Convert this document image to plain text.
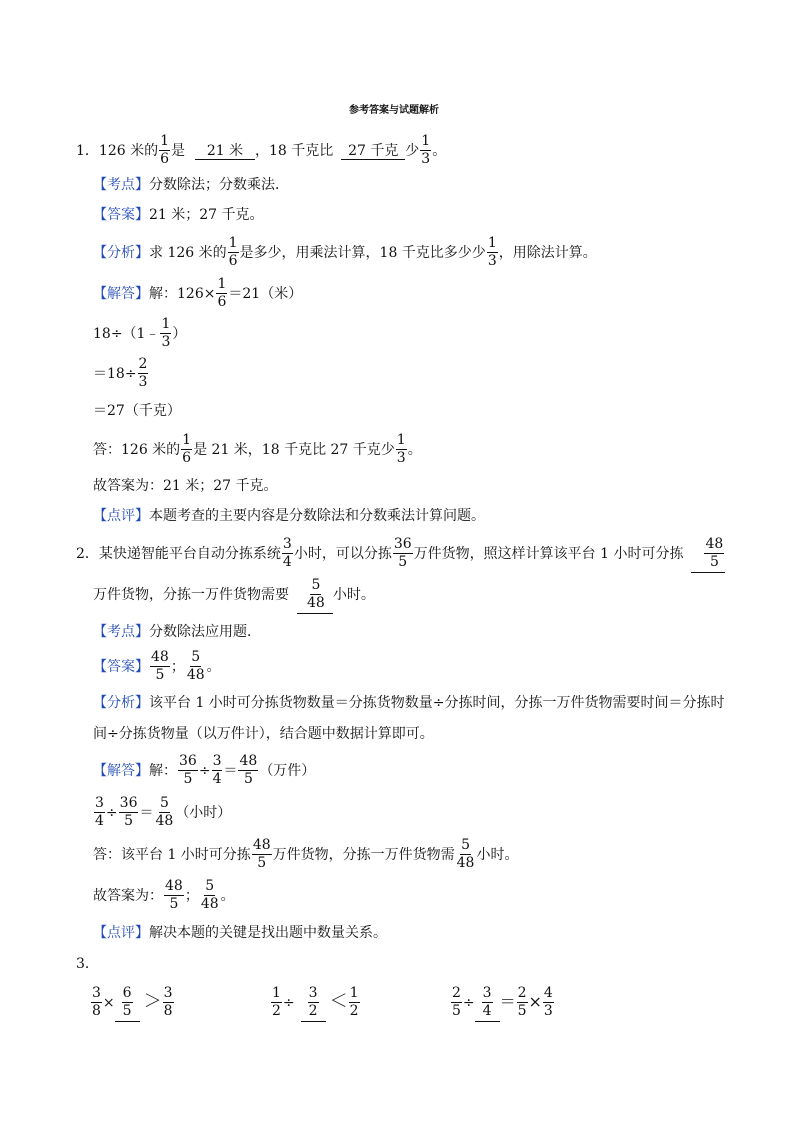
参考答案与试题解析
1．126 米的 $\frac{1}{6}$ 是 21 米 ，18 千克比 27 千克 少 $\frac{1}{3}$ 。
【考点】分数除法；分数乘法．
【答案】21 米；27 千克。
【分析】求 126 米的 $\frac{1}{6}$ 是多少，用乘法计算，18 千克比多少少 $\frac{1}{3}$ ，用除法计算。
【解答】解：$126\times \frac{1}{6} =21$（米）
18÷（1﹣ $\frac{1}{3}$ ）
$=18\div \frac{2}{3}$
＝27（千克）
答：126 米的 $\frac{1}{6}$ 是 21 米，18 千克比 27 千克少 $\frac{1}{3}$ 。
故答案为：21 米；27 千克。
【点评】本题考查的主要内容是分数除法和分数乘法计算问题。
2．某快递智能平台自动分拣系统 $\frac{3}{4}$ 小时，可以分拣 $\frac{36}{5}$ 万件货物，照这样计算该平台 1 小时可分拣 $\frac{48}{5}$
万件货物，分拣一万件货物需要 $\frac{5}{48}$ 小时。
【考点】分数除法应用题．
【答案】 $\frac{48}{5}$ ； $\frac{5}{48}$ 。
【分析】该平台 1 小时可分拣货物数量＝分拣货物数量÷分拣时间，分拣一万件货物需要时间＝分拣时
间÷分拣货物量（以万件计），结合题中数据计算即可。
【解答】解： $\frac{36}{5} \div \frac{3}{4} = \frac{48}{5}$ （万件）
$\frac{3}{4} \div \frac{36}{5} = \frac{5}{48}$ （小时）
答：该平台 1 小时可分拣 $\frac{48}{5}$ 万件货物，分拣一万件货物需 $\frac{5}{48}$ 小时。
故答案为： $\frac{48}{5}$ ； $\frac{5}{48}$ 。
【点评】解决本题的关键是找出题中数量关系。
3．
$\frac{3}{8} \times \frac{6}{5} > \frac{3}{8}$	$\frac{1}{2} \div \frac{3}{2} < \frac{1}{2}$	$\frac{2}{5} \div \frac{3}{4} = \frac{2}{5} \times \frac{4}{3}$
